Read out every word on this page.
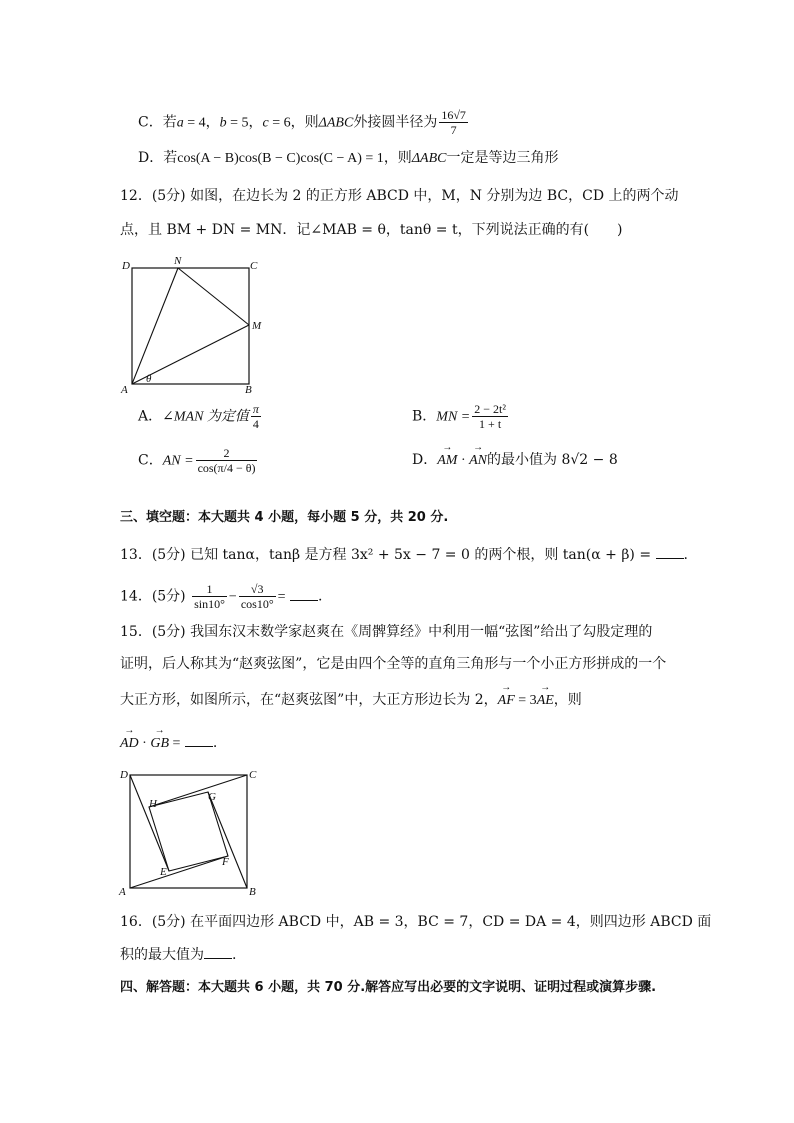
C．若a = 4，b = 5，c = 6，则ΔABC外接圆半径为 $\frac{16√7}{7}$
D．若cos(A − B)cos(B − C)cos(C − A) = 1，则ΔABC一定是等边三角形
12．(5分) 如图，在边长为 2 的正方形 ABCD 中，M，N 分别为边 BC，CD 上的两个动
点，且 BM + DN = MN．记∠MAB = θ，tanθ = t，下列说法正确的有(　　)
A	B
C
D
M
N
θ
A．∠MAN 为定值 $\frac{\pi}{4}$	B．MN = $\frac{\text{2 − 2t²}}{1 + t}$
C．AN = $\frac{2}{\cos(\pi/4 - \theta)}$	D．→ AM · → AN的最小值为 8√2 − 8
三、填空题：本大题共 4 小题，每小题 5 分，共 20 分.
13．(5分) 已知 tanα，tanβ 是方程 3x² + 5x − 7 = 0 的两个根，则 tan(α + β) = .
14．(5分) $\frac{1}{\sin 10^\circ} - \frac{√3}{\cos 10^\circ}$ = .
15．(5分) 我国东汉末数学家赵爽在《周髀算经》中利用一幅“弦图”给出了勾股定理的
证明，后人称其为“赵爽弦图”，它是由四个全等的直角三角形与一个小正方形拼成的一个
大正方形，如图所示，在“赵爽弦图”中，大正方形边长为 2，→ AF = 3→ AE，则
→ AD · → GB = .
A	B
C
D
E
F
G
H
16．(5分) 在平面四边形 ABCD 中，AB = 3，BC = 7，CD = DA = 4，则四边形 ABCD 面
积的最大值为 .
四、解答题：本大题共 6 小题，共 70 分.解答应写出必要的文字说明、证明过程或演算步骤.
